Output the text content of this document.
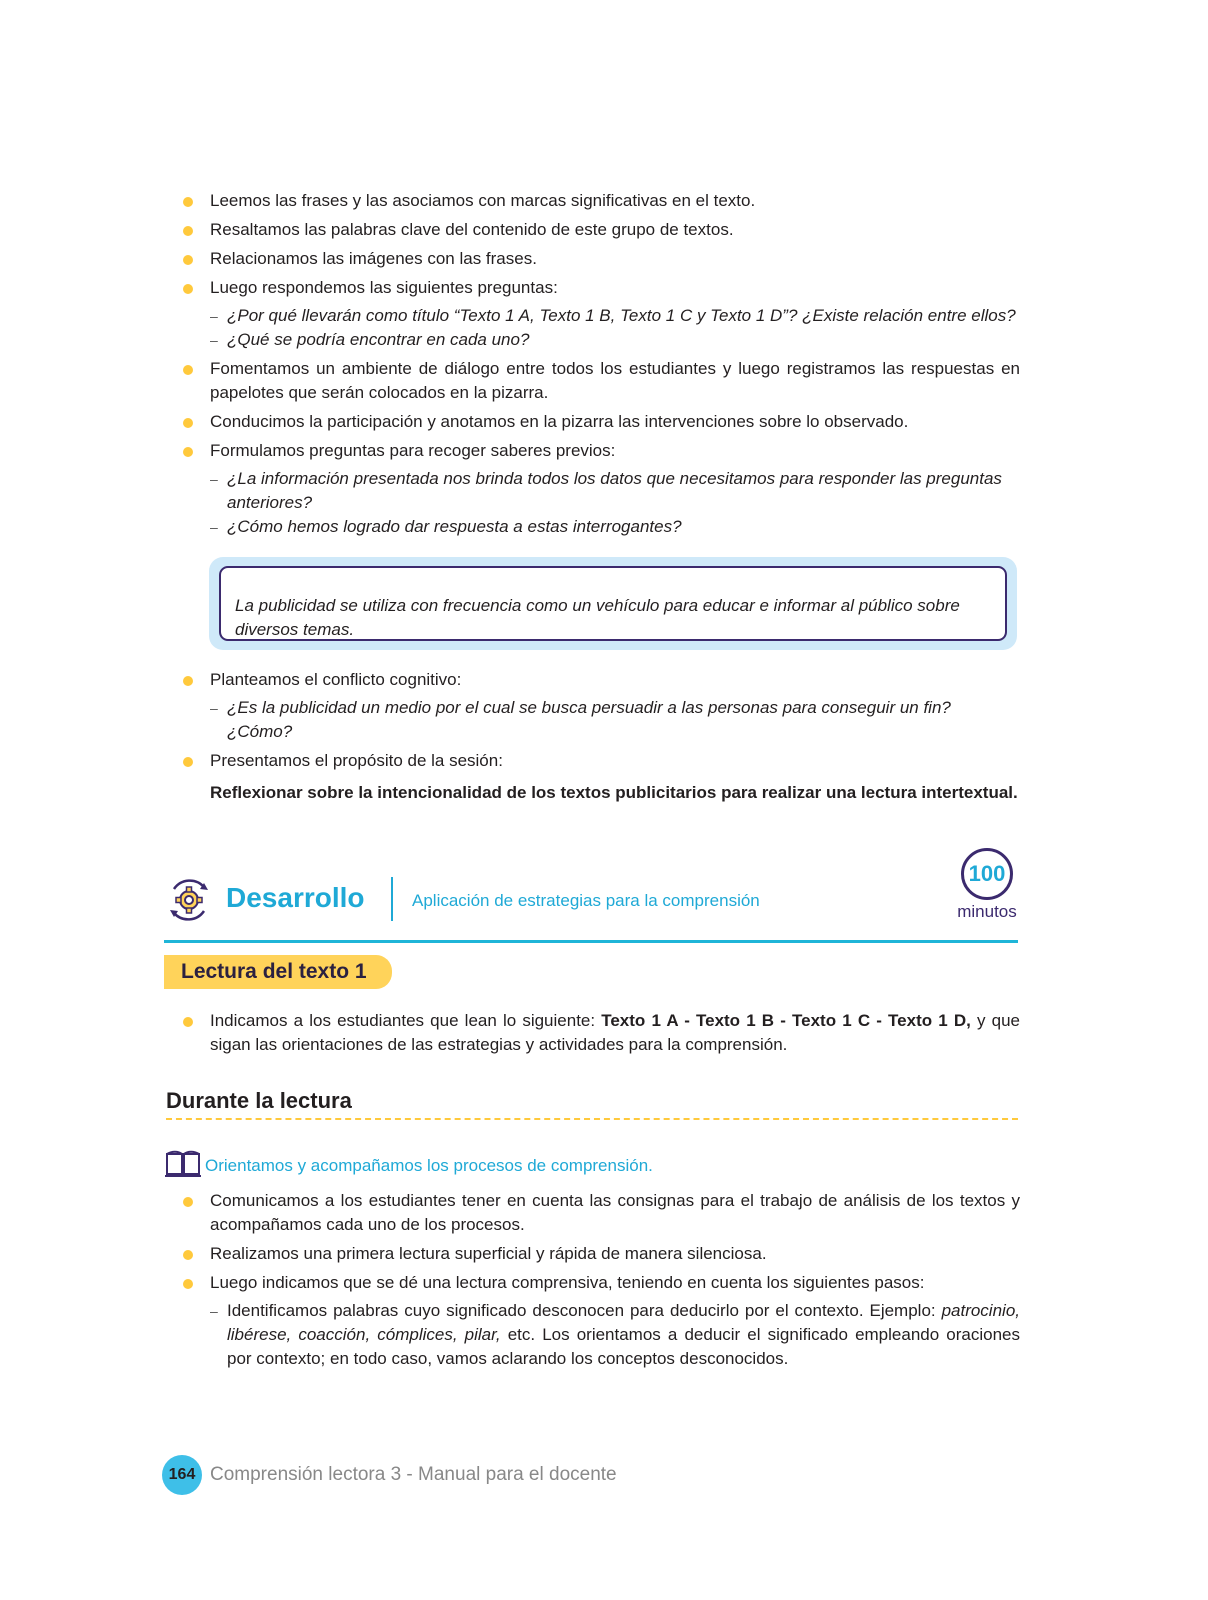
Leemos las frases y las asociamos con marcas significativas en el texto.
Resaltamos las palabras clave del contenido de este grupo de textos.
Relacionamos las imágenes con las frases.
Luego respondemos las siguientes preguntas:
– ¿Por qué llevarán como título “Texto 1 A, Texto 1 B, Texto 1 C y Texto 1 D”? ¿Existe relación entre ellos?
– ¿Qué se podría encontrar en cada uno?
Fomentamos un ambiente de diálogo entre todos los estudiantes y luego registramos las respuestas en papelotes que serán colocados en la pizarra.
Conducimos la participación y anotamos en la pizarra las intervenciones sobre lo observado.
Formulamos preguntas para recoger saberes previos:
– ¿La información presentada nos brinda todos los datos que necesitamos para responder las preguntas anteriores?
– ¿Cómo hemos logrado dar respuesta a estas interrogantes?
La publicidad se utiliza con frecuencia como un vehículo para educar e informar al público sobre diversos temas.
Planteamos el conflicto cognitivo:
– ¿Es la publicidad un medio por el cual se busca persuadir a las personas para conseguir un fin? ¿Cómo?
Presentamos el propósito de la sesión:
Reflexionar sobre la intencionalidad de los textos publicitarios para realizar una lectura intertextual.
Desarrollo	Aplicación de estrategias para la comprensión
100
minutos
Lectura del texto 1
Indicamos a los estudiantes que lean lo siguiente: Texto 1 A - Texto 1 B - Texto 1 C - Texto 1 D, y que sigan las orientaciones de las estrategias y actividades para la comprensión.
Durante la lectura
Orientamos y acompañamos los procesos de comprensión.
Comunicamos a los estudiantes tener en cuenta las consignas para el trabajo de análisis de los textos y acompañamos cada uno de los procesos.
Realizamos una primera lectura superficial y rápida de manera silenciosa.
Luego indicamos que se dé una lectura comprensiva, teniendo en cuenta los siguientes pasos:
– Identificamos palabras cuyo significado desconocen para deducirlo por el contexto. Ejemplo: patrocinio, libérese, coacción, cómplices, pilar, etc. Los orientamos a deducir el significado empleando oraciones por contexto; en todo caso, vamos aclarando los conceptos desconocidos.
164 Comprensión lectora 3 - Manual para el docente
